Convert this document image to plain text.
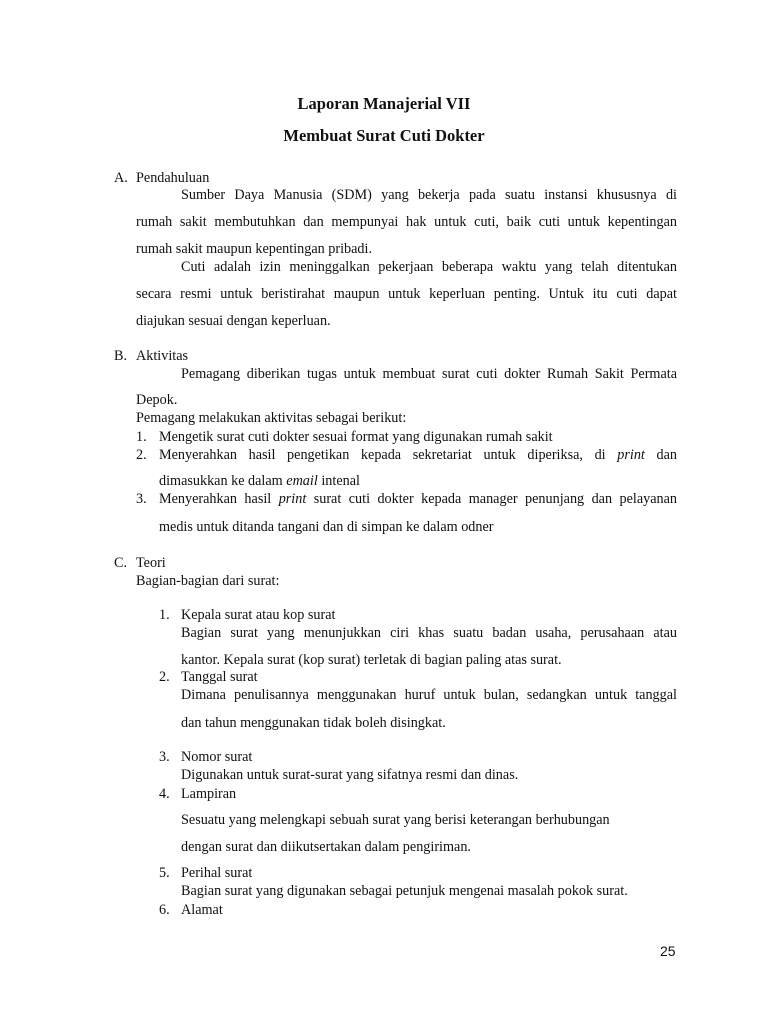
Laporan Manajerial VII
Membuat Surat Cuti Dokter
A. Pendahuluan
Sumber Daya Manusia (SDM) yang bekerja pada suatu instansi khususnya di
rumah sakit membutuhkan dan mempunyai hak untuk cuti, baik cuti untuk kepentingan
rumah sakit maupun kepentingan pribadi.
Cuti adalah izin meninggalkan pekerjaan beberapa waktu yang telah ditentukan
secara resmi untuk beristirahat maupun untuk keperluan penting. Untuk itu cuti dapat
diajukan sesuai dengan keperluan.
B. Aktivitas
Pemagang diberikan tugas untuk membuat surat cuti dokter Rumah Sakit Permata
Depok.
Pemagang melakukan aktivitas sebagai berikut:
1. Mengetik surat cuti dokter sesuai format yang digunakan rumah sakit
2. Menyerahkan hasil pengetikan kepada sekretariat untuk diperiksa, di print dan
dimasukkan ke dalam email intenal
3. Menyerahkan hasil print surat cuti dokter kepada manager penunjang dan pelayanan
medis untuk ditanda tangani dan di simpan ke dalam odner
C. Teori
Bagian-bagian dari surat:
1. Kepala surat atau kop surat
Bagian surat yang menunjukkan ciri khas suatu badan usaha, perusahaan atau
kantor. Kepala surat (kop surat) terletak di bagian paling atas surat.
2. Tanggal surat
Dimana penulisannya menggunakan huruf untuk bulan, sedangkan untuk tanggal
dan tahun menggunakan tidak boleh disingkat.
3. Nomor surat
Digunakan untuk surat-surat yang sifatnya resmi dan dinas.
4. Lampiran
Sesuatu yang melengkapi sebuah surat yang berisi keterangan berhubungan
dengan surat dan diikutsertakan dalam pengiriman.
5. Perihal surat
Bagian surat yang digunakan sebagai petunjuk mengenai masalah pokok surat.
6. Alamat
25
